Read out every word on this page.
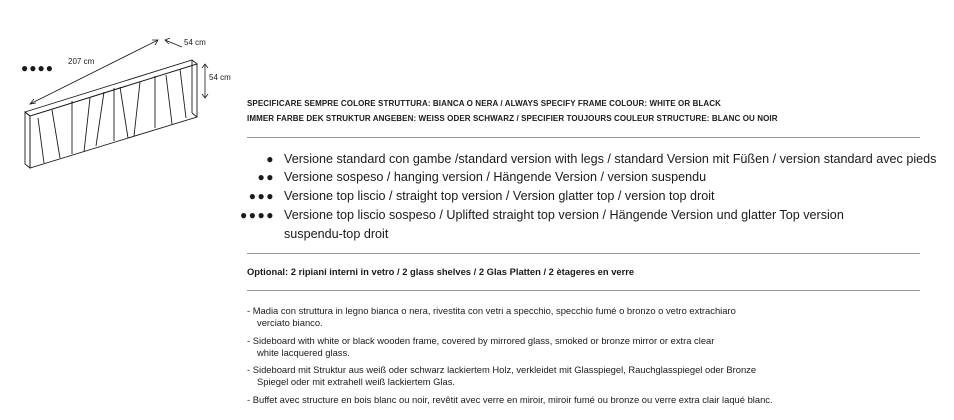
207 cm
54 cm
54 cm
●●●●
SPECIFICARE SEMPRE COLORE STRUTTURA: BIANCA O NERA / ALWAYS SPECIFY FRAME COLOUR: WHITE OR BLACK
IMMER FARBE DEK STRUKTUR ANGEBEN: WEISS ODER SCHWARZ / SPECIFIER TOUJOURS COULEUR STRUCTURE: BLANC OU NOIR
● Versione standard con gambe /standard version with legs / standard Version mit Füßen / version standard avec pieds
●● Versione sospeso / hanging version / Hängende Version / version suspendu
●●● Versione top liscio / straight top version / Version glatter top / version top droit
●●●● Versione top liscio sospeso / Uplifted straight top version / Hängende Version und glatter Top version
suspendu-top droit
Optional: 2 ripiani interni in vetro / 2 glass shelves / 2 Glas Platten / 2 ètageres en verre
- Madia con struttura in legno bianca o nera, rivestita con vetri a specchio, specchio fumé o bronzo o vetro extrachiaro
verciato bianco.
- Sideboard with white or black wooden frame, covered by mirrored glass, smoked or bronze mirror or extra clear
white lacquered glass.
- Sideboard mit Struktur aus weiß oder schwarz lackiertem Holz, verkleidet mit Glasspiegel, Rauchglasspiegel oder Bronze
Spiegel oder mit extrahell weiß lackiertem Glas.
- Buffet avec structure en bois blanc ou noir, revêtit avec verre en miroir, miroir fumé ou bronze ou verre extra clair laqué blanc.
